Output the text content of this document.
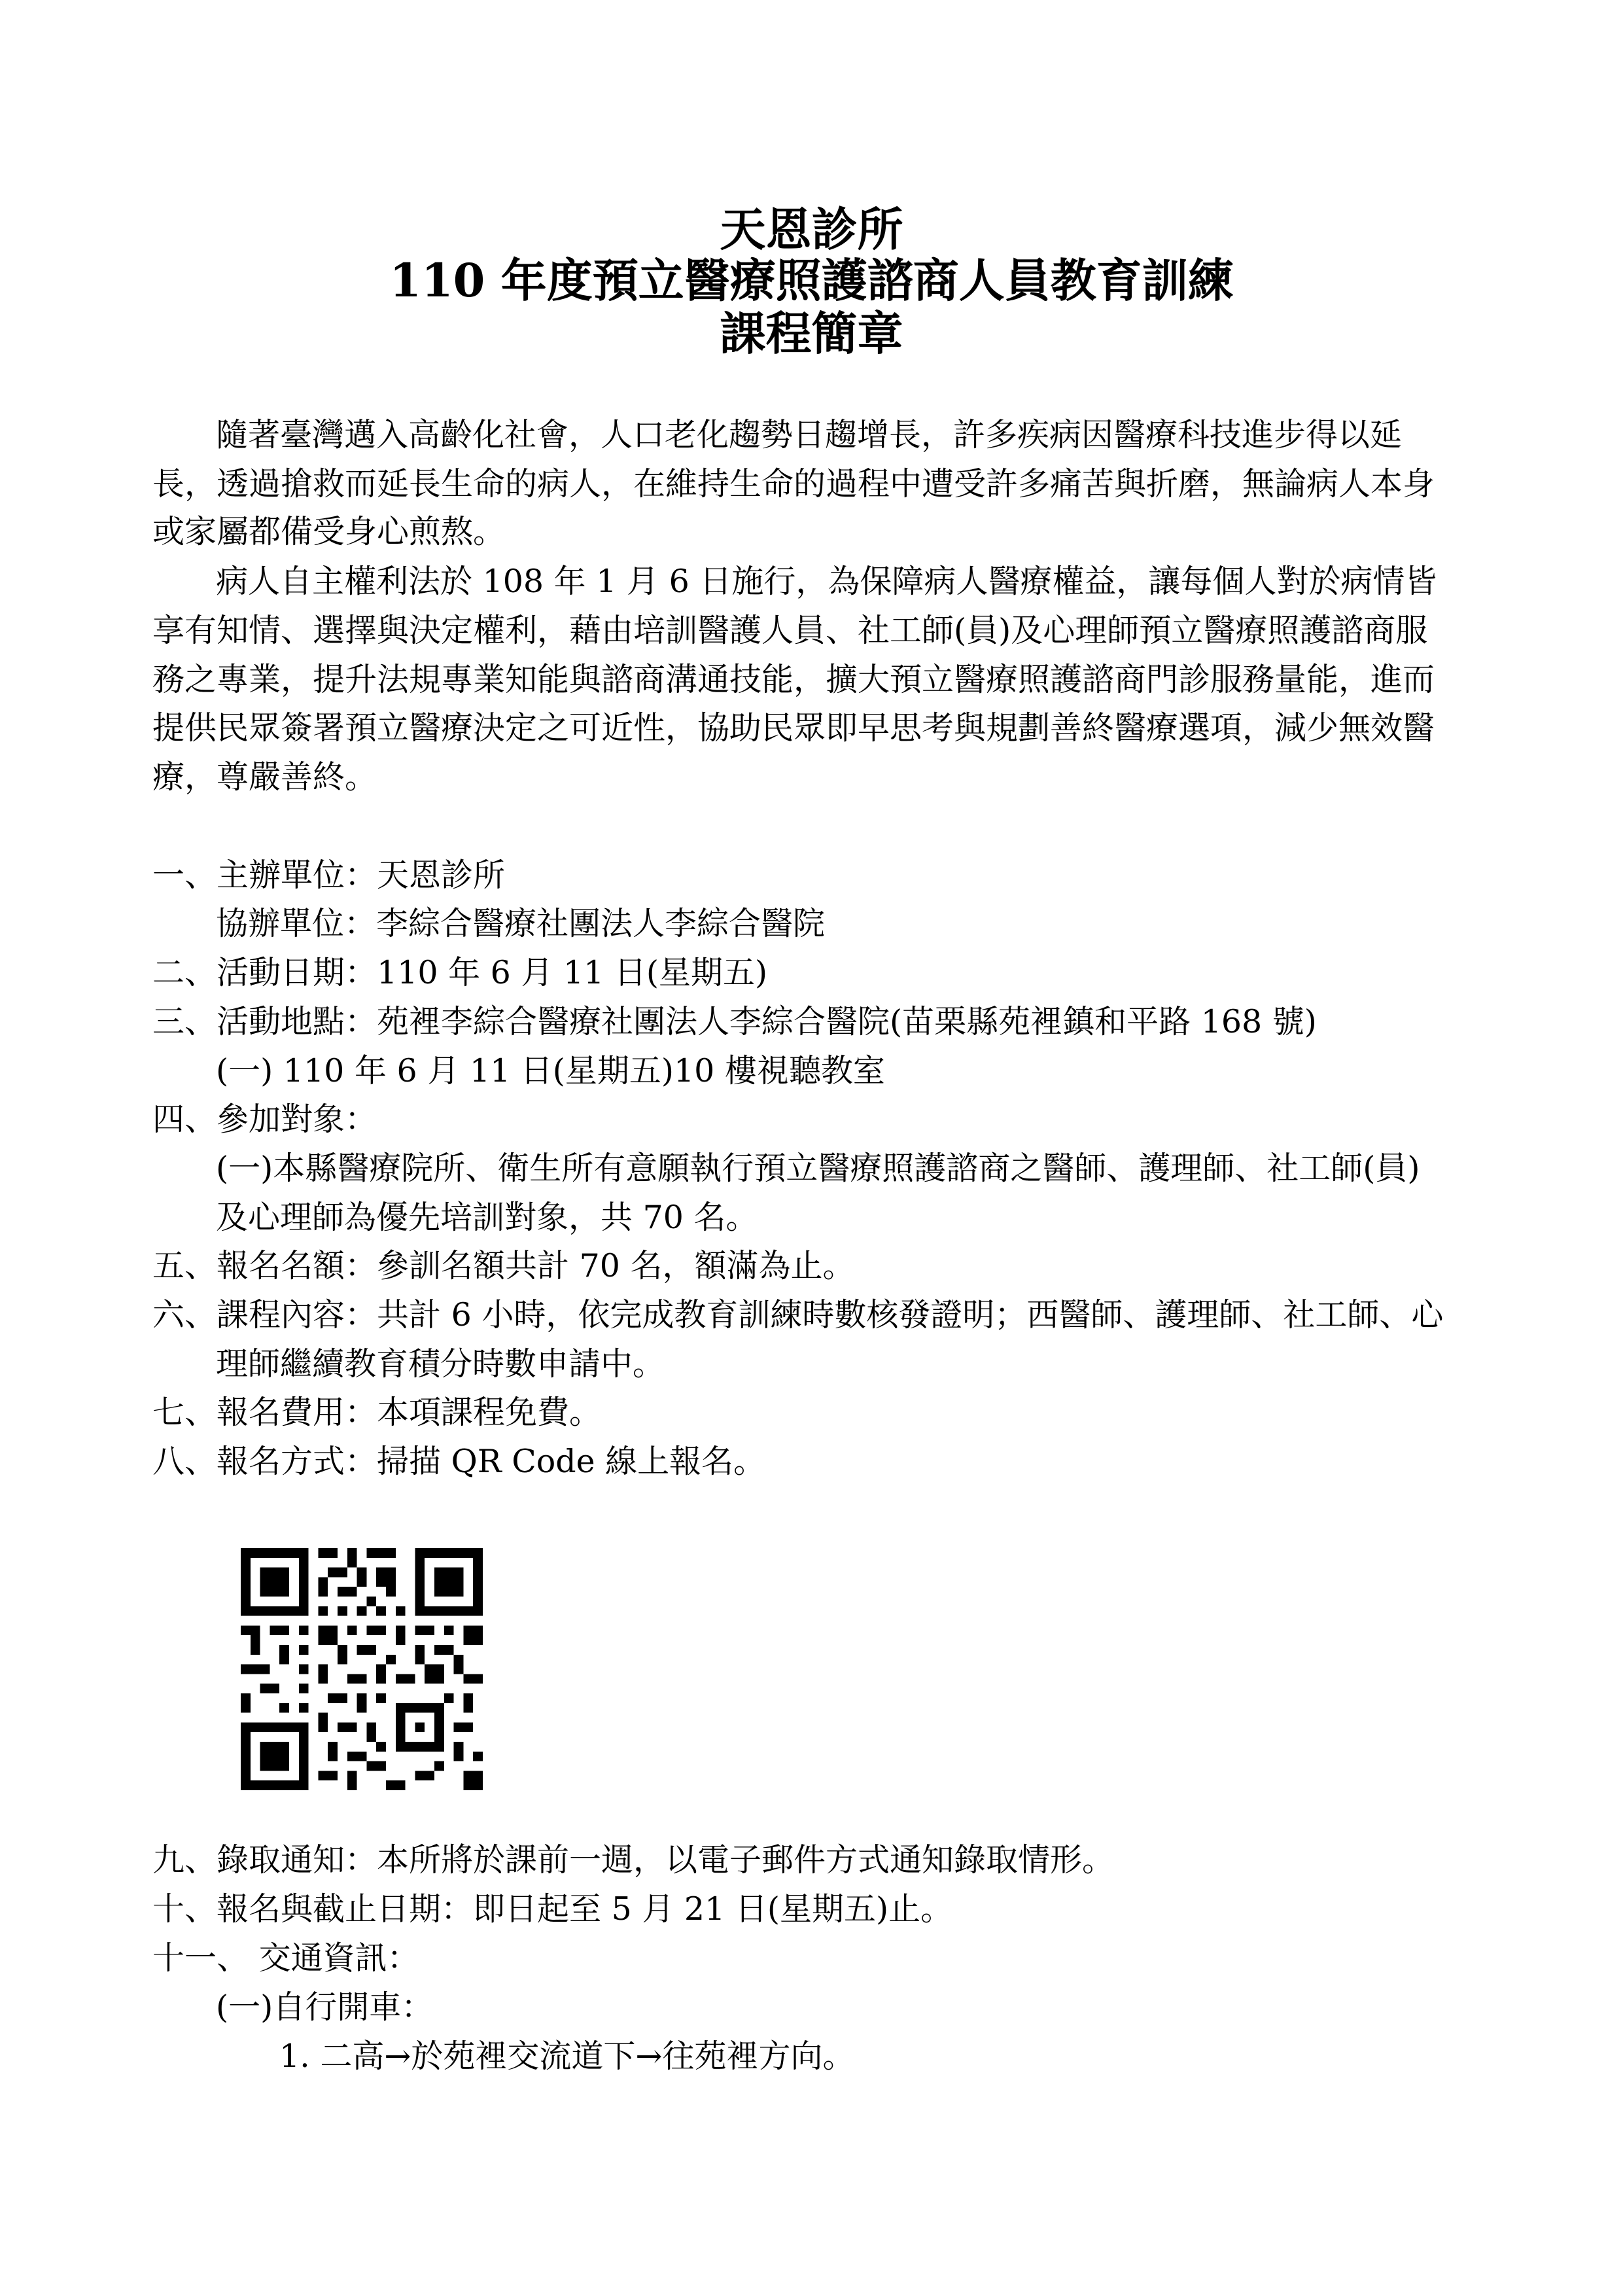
天恩診所
110 年度預立醫療照護諮商人員教育訓練
課程簡章
隨著臺灣邁入高齡化社會，人口老化趨勢日趨增長，許多疾病因醫療科技進步得以延
長，透過搶救而延長生命的病人，在維持生命的過程中遭受許多痛苦與折磨，無論病人本身
或家屬都備受身心煎熬。
病人自主權利法於 108 年 1 月 6 日施行，為保障病人醫療權益，讓每個人對於病情皆
享有知情、選擇與決定權利，藉由培訓醫護人員、社工師(員)及心理師預立醫療照護諮商服
務之專業，提升法規專業知能與諮商溝通技能，擴大預立醫療照護諮商門診服務量能，進而
提供民眾簽署預立醫療決定之可近性，協助民眾即早思考與規劃善終醫療選項，減少無效醫
療，尊嚴善終。
一、主辦單位：天恩診所
協辦單位：李綜合醫療社團法人李綜合醫院
二、活動日期：110 年 6 月 11 日(星期五)
三、活動地點：苑裡李綜合醫療社團法人李綜合醫院(苗栗縣苑裡鎮和平路 168 號)
(一) 110 年 6 月 11 日(星期五)10 樓視聽教室
四、參加對象：
(一)本縣醫療院所、衛生所有意願執行預立醫療照護諮商之醫師、護理師、社工師(員)
及心理師為優先培訓對象，共 70 名。
五、報名名額：參訓名額共計 70 名，額滿為止。
六、課程內容：共計 6 小時，依完成教育訓練時數核發證明；西醫師、護理師、社工師、心
理師繼續教育積分時數申請中。
七、報名費用：本項課程免費。
八、報名方式：掃描 QR Code 線上報名。
九、錄取通知：本所將於課前一週，以電子郵件方式通知錄取情形。
十、報名與截止日期：即日起至 5 月 21 日(星期五)止。
十一、 交通資訊：
(一)自行開車：
1. 二高→於苑裡交流道下→往苑裡方向。
